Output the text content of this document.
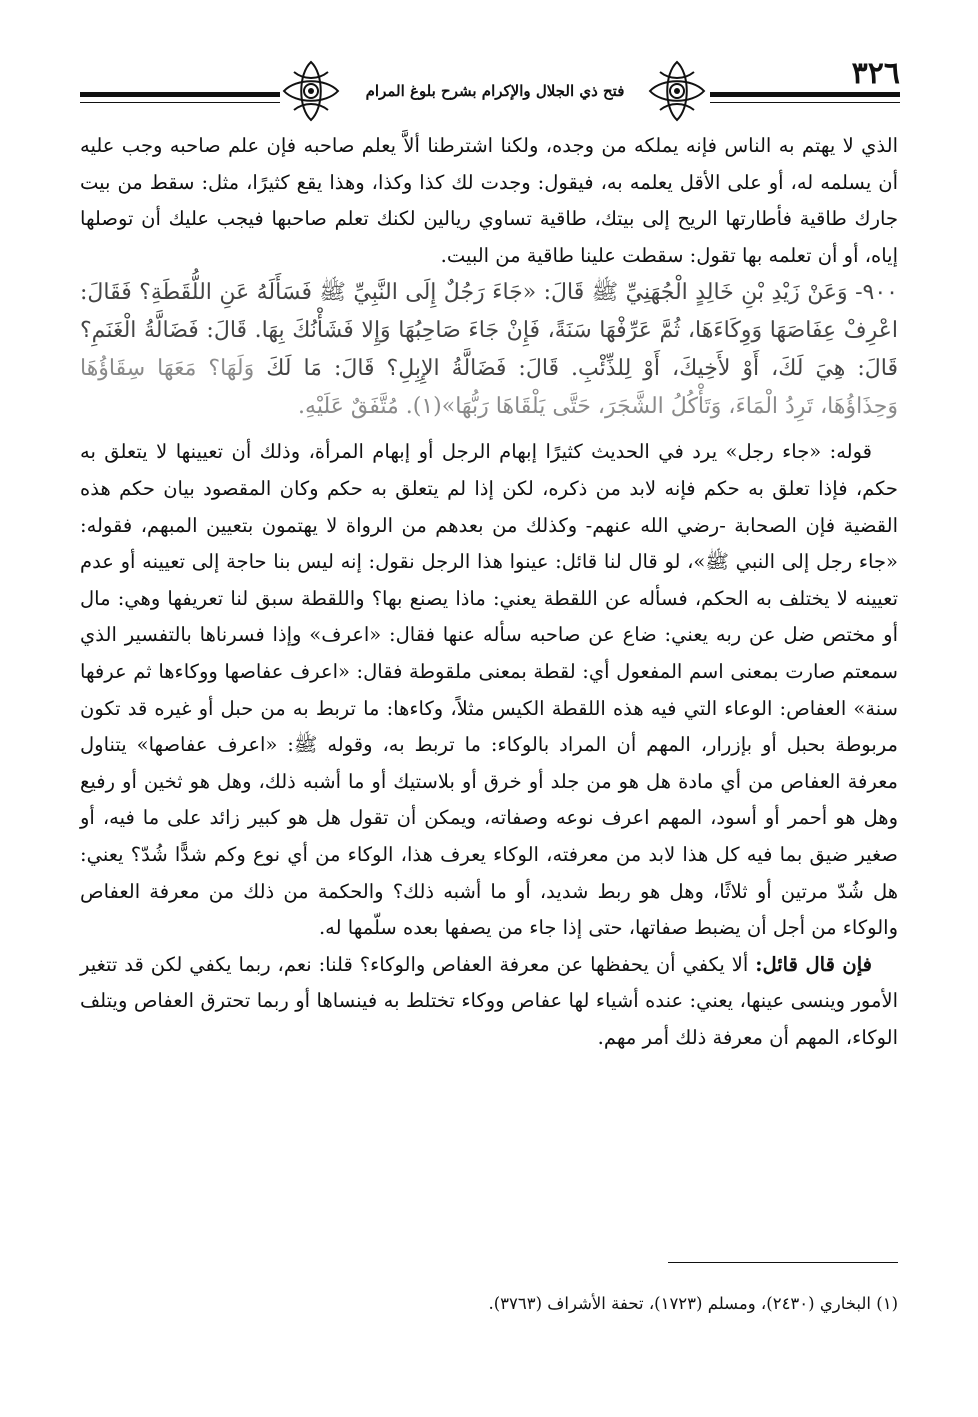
فتح ذي الجلال والإكرام بشرح بلوغ المرام	٣٢٦

الذي لا يهتم به الناس فإنه يملكه من وجده، ولكنا اشترطنا ألاَّ يعلم صاحبه فإن علم صاحبه وجب عليه أن يسلمه له، أو على الأقل يعلمه به، فيقول: وجدت لك كذا وكذا، وهذا يقع كثيرًا، مثل: سقط من بيت جارك طاقية فأطارتها الريح إلى بيتك، طاقية تساوي ريالين لكنك تعلم صاحبها فيجب عليك أن توصلها إياه، أو أن تعلمه بها تقول: سقطت علينا طاقية من البيت.

٩٠٠- وَعَنْ زَيْدِ بْنِ خَالِدٍ الْجُهَنِيِّ ﷺ قَالَ: «جَاءَ رَجُلٌ إِلَى النَّبِيِّ ﷺ فَسَأَلَهُ عَنِ اللُّقَطَةِ؟ فَقَالَ: اعْرِفْ عِفَاصَهَا وَوِكَاءَهَا، ثُمَّ عَرِّفْهَا سَنَةً، فَإِنْ جَاءَ صَاحِبُهَا وَإِلا فَشَأْنُكَ بِهَا. قَالَ: فَضَالَّةُ الْغَنَمِ؟ قَالَ: هِيَ لَكَ، أَوْ لأَخِيكَ، أَوْ لِلذِّئْبِ. قَالَ: فَضَالَّةُ الإِبِلِ؟ قَالَ: مَا لَكَ وَلَهَا؟ مَعَهَا سِقَاؤُهَا وَحِذَاؤُهَا، تَرِدُ الْمَاءَ، وَتَأْكُلُ الشَّجَرَ، حَتَّى يَلْقَاهَا رَبُّهَا»(١). مُتَّفَقٌ عَلَيْهِ.

قوله: «جاء رجل» يرد في الحديث كثيرًا إبهام الرجل أو إبهام المرأة، وذلك أن تعيينها لا يتعلق به حكم، فإذا تعلق به حكم فإنه لابد من ذكره، لكن إذا لم يتعلق به حكم وكان المقصود بيان حكم هذه القضية فإن الصحابة -رضي الله عنهم- وكذلك من بعدهم من الرواة لا يهتمون بتعيين المبهم، فقوله: «جاء رجل إلى النبي ﷺ»، لو قال لنا قائل: عينوا هذا الرجل نقول: إنه ليس بنا حاجة إلى تعيينه أو عدم تعيينه لا يختلف به الحكم، فسأله عن اللقطة يعني: ماذا يصنع بها؟ واللقطة سبق لنا تعريفها وهي: مال أو مختص ضل عن ربه يعني: ضاع عن صاحبه سأله عنها فقال: «اعرف» وإذا فسرناها بالتفسير الذي سمعتم صارت بمعنى اسم المفعول أي: لقطة بمعنى ملقوطة فقال: «اعرف عفاصها ووكاءها ثم عرفها سنة» العفاص: الوعاء التي فيه هذه اللقطة الكيس مثلاً، وكاءها: ما تربط به من حبل أو غيره قد تكون مربوطة بحبل أو بإزرار، المهم أن المراد بالوكاء: ما تربط به، وقوله ﷺ: «اعرف عفاصها» يتناول معرفة العفاص من أي مادة هل هو من جلد أو خرق أو بلاستيك أو ما أشبه ذلك، وهل هو ثخين أو رفيع وهل هو أحمر أو أسود، المهم اعرف نوعه وصفاته، ويمكن أن تقول هل هو كبير زائد على ما فيه، أو صغير ضيق بما فيه كل هذا لابد من معرفته، الوكاء يعرف هذا، الوكاء من أي نوع وكم شدًّا شُدّ؟ يعني: هل شُدّ مرتين أو ثلاثًا، وهل هو ربط شديد، أو ما أشبه ذلك؟ والحكمة من ذلك من معرفة العفاص والوكاء من أجل أن يضبط صفاتها، حتى إذا جاء من يصفها بعده سلّمها له.

فإن قال قائل: ألا يكفي أن يحفظها عن معرفة العفاص والوكاء؟ قلنا: نعم، ربما يكفي لكن قد تتغير الأمور وينسى عينها، يعني: عنده أشياء لها عفاص ووكاء تختلط به فينساها أو ربما تحترق العفاص ويتلف الوكاء، المهم أن معرفة ذلك أمر مهم.

(١) البخاري (٢٤٣٠)، ومسلم (١٧٢٣)، تحفة الأشراف (٣٧٦٣).
